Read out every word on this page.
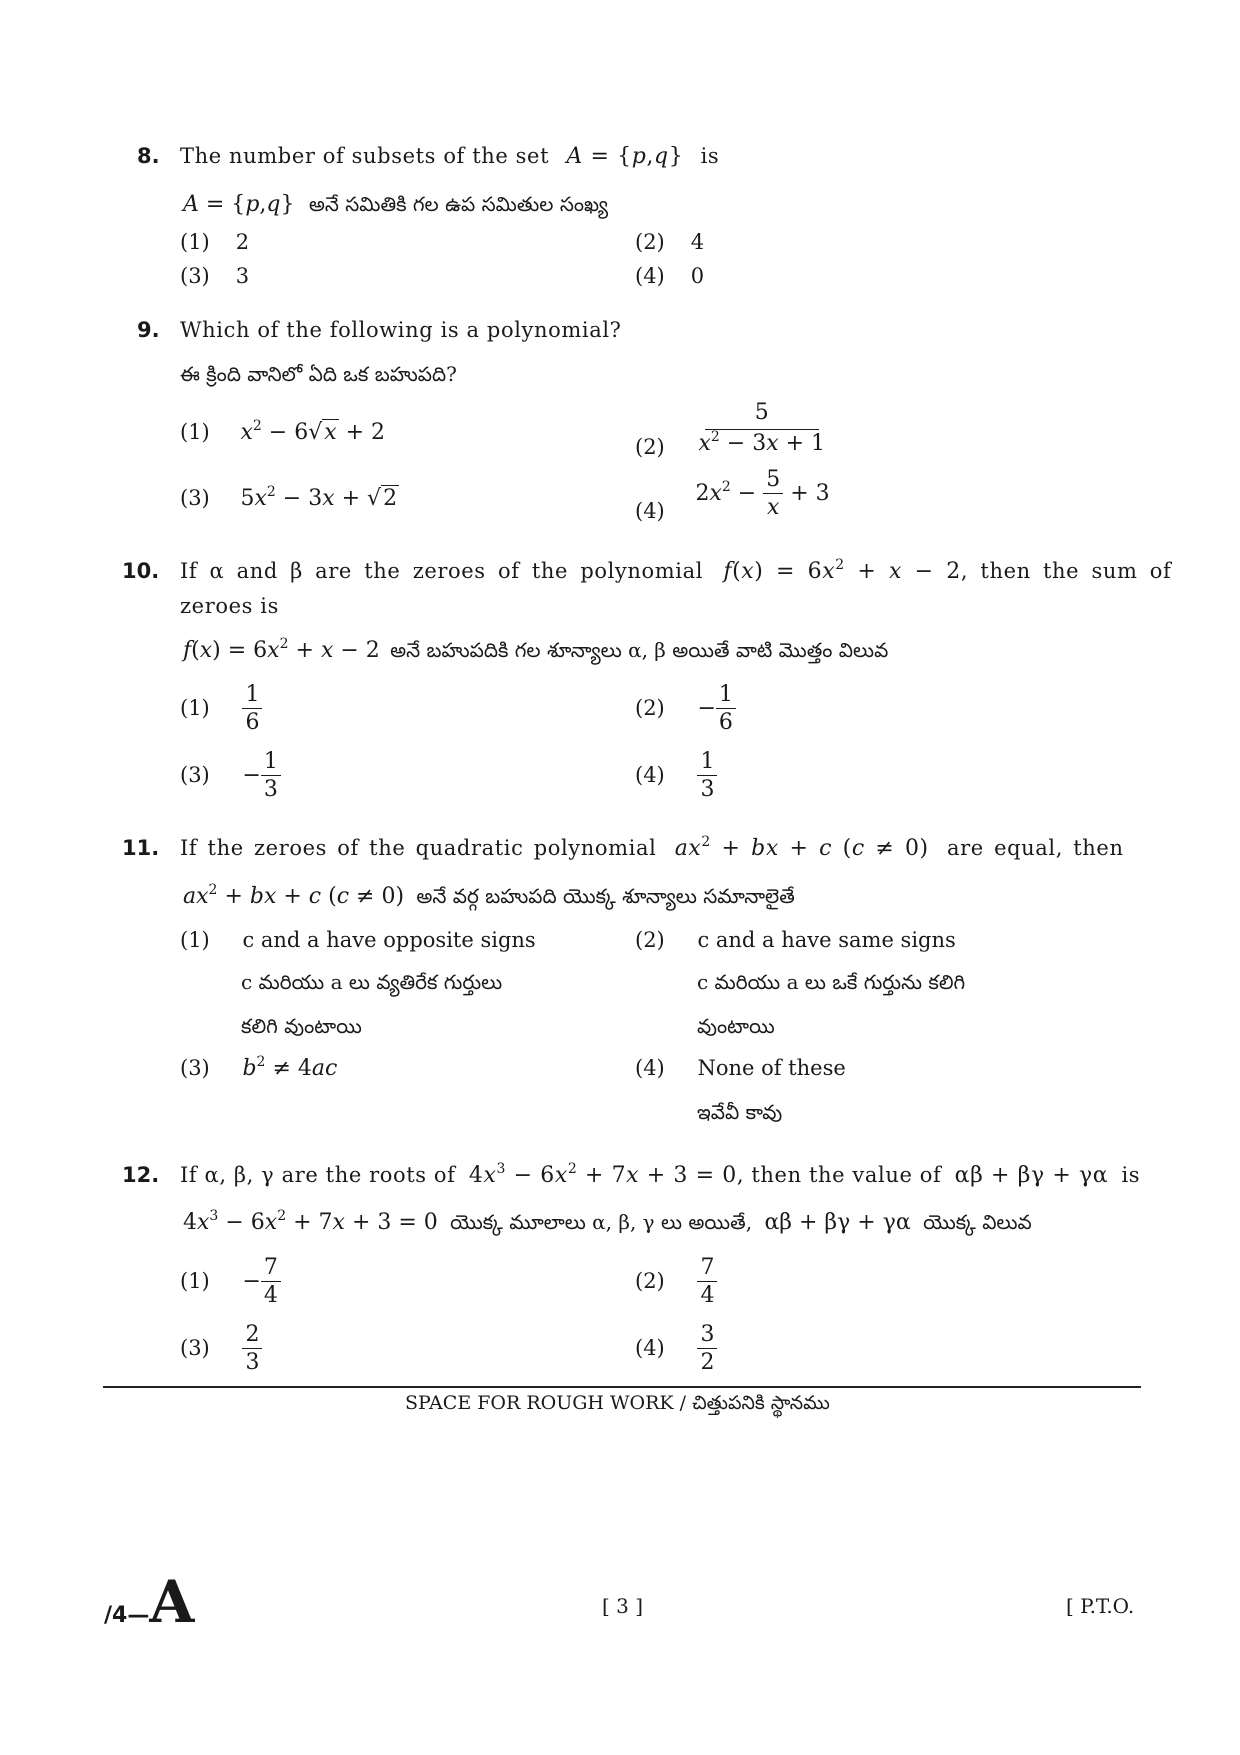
8. The number of subsets of the set A = {p,q} is
A = {p,q} అనే సమితికి గల ఉప సమితుల సంఖ్య
(1) 2	(2) 4
(3) 3	(4) 0
9. Which of the following is a polynomial?
ఈ క్రింది వానిలో ఏది ఒక బహుపది?
(1) $x^2 - 6√x + 2$
$(2) \frac{5}{x^2 - 3x + 1}$
(3) $5x^2 - 3x + √2$	(4) $2x^2 - \frac{5}{x} + 3$
10. If α and β are the zeroes of the polynomial $f(x) = 6x^2 + x - 2$, then the sum of
zeroes is
$f(x) = 6x^2 + x - 2$ అనే బహుపదికి గల శూన్యాలు α, β అయితే వాటి మొత్తం విలువ
$(1) \frac{1}{6}$	$(2) - \frac{1}{6}$
$(3) - \frac{1}{3}$	$(4) \frac{1}{3}$
11. If the zeroes of the quadratic polynomial $ax^2$ + bx + c (c ≠ 0) are equal, then
$ax^2$ + bx + c (c ≠ 0) అనే వర్గ బహుపది యొక్క శూన్యాలు సమానాలైతే
(1) c and a have opposite signs
c మరియు a లు వ్యతిరేక గుర్తులు
కలిగి వుంటాయి
(2) c and a have same signs
c మరియు a లు ఒకే గుర్తును కలిగి
వుంటాయి
(3) $b^2 \ne 4ac$	(4) None of these
ఇవేవీ కావు
12. If α, β, γ are the roots of $4x^3 - 6x^2 + 7x + 3 = 0$, then the value of αβ + βγ + γα is
$4x^3 - 6x^2 + 7x + 3 = 0$ యొక్క మూలాలు α, β, γ లు అయితే, αβ + βγ + γα యొక్క విలువ
$(1) - \frac{7}{4}$	$(2) \frac{7}{4}$
$(3) \frac{2}{3}$	$(4) \frac{3}{2}$
SPACE FOR ROUGH WORK / చిత్తుపనికి స్థానము
/4—A	[ 3 ]	[ P.T.O.
